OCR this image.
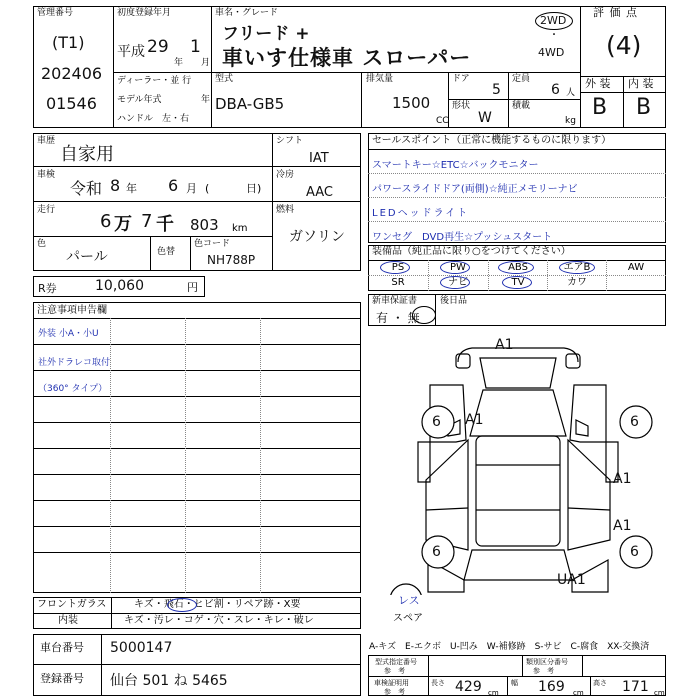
管理番号
(T1)
202406
01546
初度登録年月
平成 29
年
1
月
車名・グレード
フリード +
車いす仕様車 スローパー
2WD
・
4WD
評 価 点
(4)
外 装 内 装
B B
ディーラー・並 行
モデル年式	年
ハンドル　左・右
型式
DBA-GB5
排気量
1500
CC
ドア
5
形状
W
定員
6 人
積載
kg
車歴
自家用
車検
令和 8 年 6 月 (	日)
走行
6 万 7 千 803 km
色
パール	色替
色コード
NH788P
シフト
IAT
冷房
AAC
燃料
ガソリン
R券	10,060	円
セールスポイント（正常に機能するものに限ります）
スマートキー☆ETC☆バックモニター
パワースライドドア(両側)☆純正メモリーナビ
LEDヘッドライト
ワンセグ　DVD再生☆プッシュスタート
装備品（純正品に限り○をつけてください）
PS	PW	ABS	エアB	AW
SR	ナビ	TV	カワ
新車保証書
有 ・ 無
後日品
注意事項申告欄
外装 小A・小U
社外ドラレコ取付
（360° タイプ）
6	6
6	6
A1
A1
A1
A1
UA1
レス
スペア
フロントガラス	キズ・飛石・ヒビ割・リペア跡・X要
内装	キズ・汚レ・コゲ・穴・スレ・キレ・破レ
車台番号 5000147
登録番号 仙台 501 ね 5465
A-キズ　E-エクボ　U-凹み　W-補修跡　S-サビ　C-腐食　XX-交換済
型式指定番号
参　考
類別区分番号
参　考
車検証明用
参　考
長さ 429 cm
幅 169 cm
高さ 171 cm
